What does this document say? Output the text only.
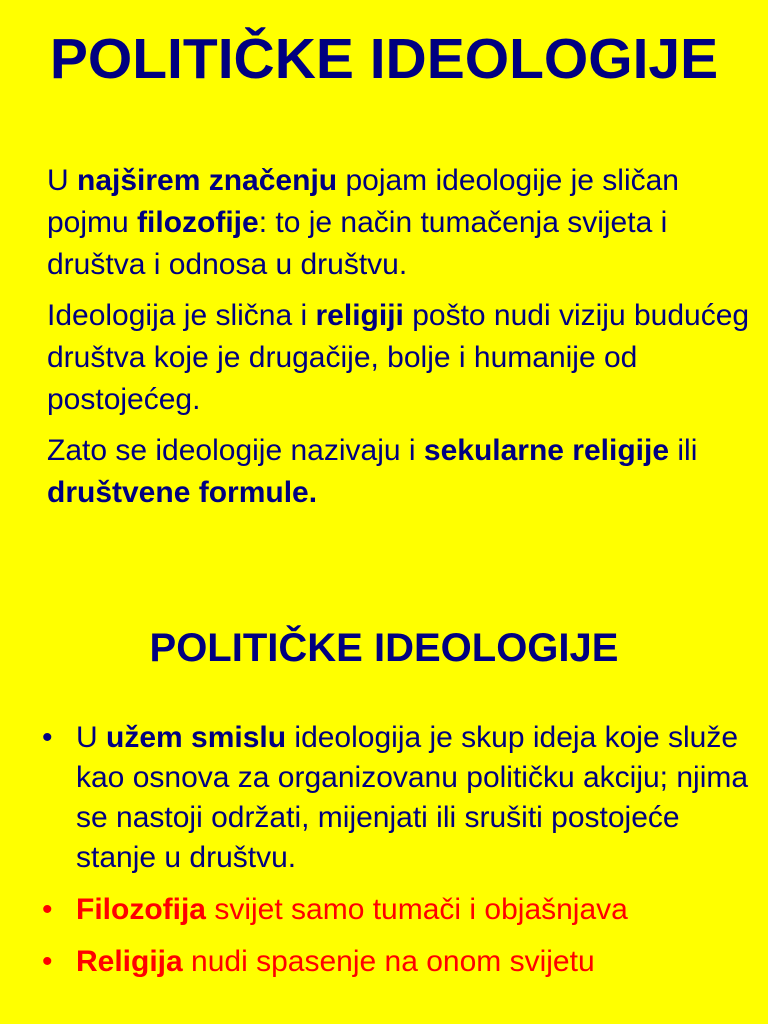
POLITIČKE IDEOLOGIJE

U najširem značenju pojam ideologije je sličan pojmu filozofije: to je način tumačenja svijeta i društva i odnosa u društvu.

Ideologija je slična i religiji pošto nudi viziju budućeg društva koje je drugačije, bolje i humanije od postojećeg.

Zato se ideologije nazivaju i sekularne religije ili društvene formule.

POLITIČKE IDEOLOGIJE
• U užem smislu ideologija je skup ideja koje služe kao osnova za organizovanu političku akciju; njima se nastoji održati, mijenjati ili srušiti postojeće stanje u društvu.
• Filozofija svijet samo tumači i objašnjava
• Religija nudi spasenje na onom svijetu
